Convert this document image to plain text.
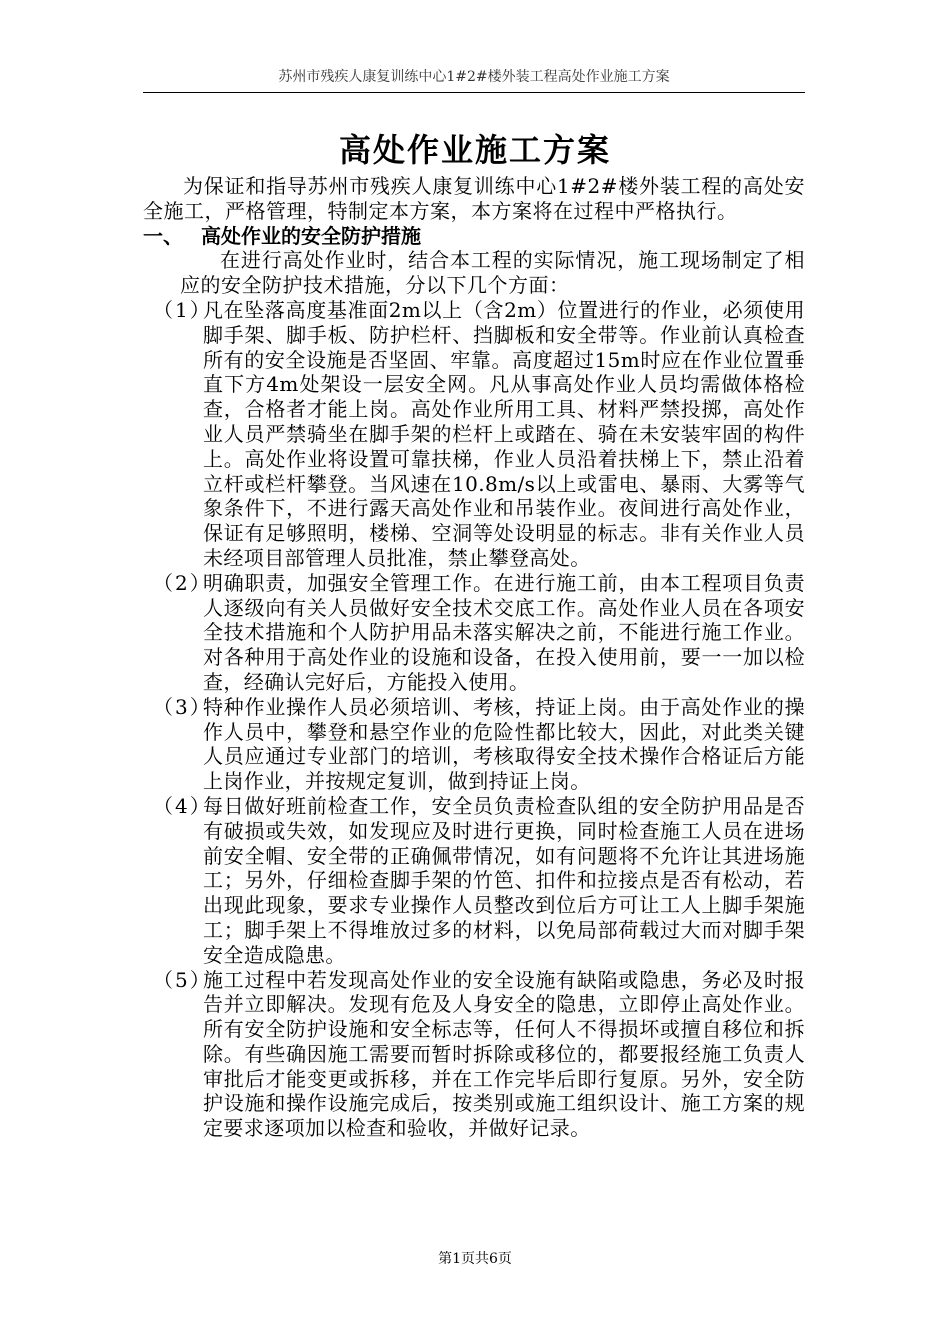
苏州市残疾人康复训练中心1#2#楼外装工程高处作业施工方案
高处作业施工方案

为保证和指导苏州市残疾人康复训练中心1#2#楼外装工程的高处安全施工，严格管理，特制定本方案，本方案将在过程中严格执行。

一、 高处作业的安全防护措施

在进行高处作业时，结合本工程的实际情况，施工现场制定了相应的安全防护技术措施，分以下几个方面：

（1）
凡在坠落高度基准面2m以上（含2m）位置进行的作业，必须使用脚手架、脚手板、防护栏杆、挡脚板和安全带等。作业前认真检查所有的安全设施是否坚固、牢靠。高度超过15m时应在作业位置垂直下方4m处架设一层安全网。凡从事高处作业人员均需做体格检查，合格者才能上岗。高处作业所用工具、材料严禁投掷，高处作业人员严禁骑坐在脚手架的栏杆上或踏在、骑在未安装牢固的构件上。高处作业将设置可靠扶梯，作业人员沿着扶梯上下，禁止沿着立杆或栏杆攀登。当风速在10.8m/s以上或雷电、暴雨、大雾等气象条件下，不进行露天高处作业和吊装作业。夜间进行高处作业，保证有足够照明，楼梯、空洞等处设明显的标志。非有关作业人员未经项目部管理人员批准，禁止攀登高处。
（2）
明确职责，加强安全管理工作。在进行施工前，由本工程项目负责人逐级向有关人员做好安全技术交底工作。高处作业人员在各项安全技术措施和个人防护用品未落实解决之前，不能进行施工作业。对各种用于高处作业的设施和设备，在投入使用前，要一一加以检查，经确认完好后，方能投入使用。
（3）
特种作业操作人员必须培训、考核，持证上岗。由于高处作业的操作人员中，攀登和悬空作业的危险性都比较大，因此，对此类关键人员应通过专业部门的培训，考核取得安全技术操作合格证后方能上岗作业，并按规定复训，做到持证上岗。
（4）
每日做好班前检查工作，安全员负责检查队组的安全防护用品是否有破损或失效，如发现应及时进行更换，同时检查施工人员在进场前安全帽、安全带的正确佩带情况，如有问题将不允许让其进场施工；另外，仔细检查脚手架的竹笆、扣件和拉接点是否有松动，若出现此现象，要求专业操作人员整改到位后方可让工人上脚手架施工；脚手架上不得堆放过多的材料，以免局部荷载过大而对脚手架安全造成隐患。
（5）
施工过程中若发现高处作业的安全设施有缺陷或隐患，务必及时报告并立即解决。发现有危及人身安全的隐患，立即停止高处作业。所有安全防护设施和安全标志等，任何人不得损坏或擅自移位和拆除。有些确因施工需要而暂时拆除或移位的，都要报经施工负责人审批后才能变更或拆移，并在工作完毕后即行复原。另外，安全防护设施和操作设施完成后，按类别或施工组织设计、施工方案的规定要求逐项加以检查和验收，并做好记录。
第1页共6页
